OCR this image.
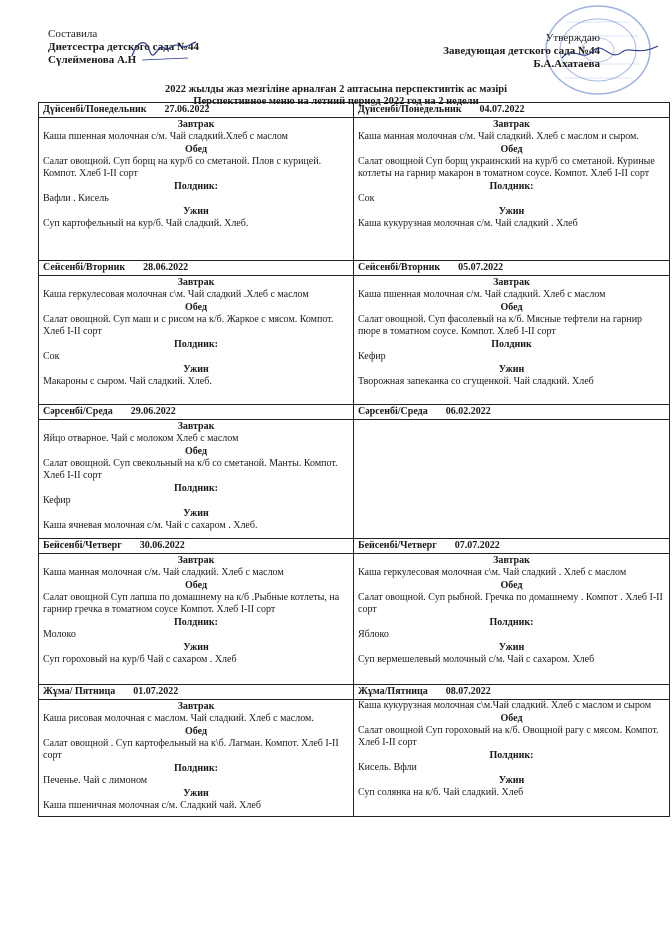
Составила
Диетсестра детского сада №44
Сүлейменова А.Н
Утверждаю
Заведующая детского сада №44
Б.А.Ахатаева
2022 жылды жаз мезгіліне арналған 2 аптасына перспективтік ас мәзірі
Перспективное меню на летний период 2022 год на 2 недели
Дүйсенбі/Понедельник 27.06.2022
Завтрак
Каша пшенная молочная с/м. Чай сладкий.Хлеб с маслом
Обед
Салат овощной. Суп борщ на кур/б со сметаной. Плов с курицей. Компот. Хлеб I-II сорт
Полдник:
Вафли . Кисель
Ужин
Суп картофельный на кур/б. Чай сладкий. Хлеб.
Дүйсенбі/Понедельник 04.07.2022
Завтрак
Каша манная молочная с/м. Чай сладкий. Хлеб с маслом и сыром.
Обед
Салат овощной Суп борщ украинский на кур/б со сметаной. Куриные котлеты на гарнир макарон в томатном соусе. Компот. Хлеб I-II сорт
Полдник:
Сок
Ужин
Каша кукурузная молочная с/м. Чай сладкий . Хлеб
Сейсенбі/Вторник 28.06.2022
Завтрак
Каша геркулесовая молочная с\м. Чай сладкий .Хлеб с маслом
Обед
Салат овощной. Суп маш и с рисом на к/б. Жаркое с мясом. Компот. Хлеб I-II сорт
Полдник:
Сок
Ужин
Макароны с сыром. Чай сладкий. Хлеб.
Сейсенбі/Вторник 05.07.2022
Завтрак
Каша пшенная молочная с/м. Чай сладкий. Хлеб с маслом
Обед
Салат овощной. Суп фасолевый на к/б. Мясные тефтели на гарнир пюре в томатном соусе. Компот. Хлеб I-II сорт
Полдник
Кефир
Ужин
Творожная запеканка со сгущенкой. Чай сладкий. Хлеб
Сәрсенбі/Среда 29.06.2022
Завтрак
Яйцо отварное. Чай с молоком Хлеб с маслом
Обед
Салат овощной. Суп свекольный на к/б со сметаной. Манты. Компот. Хлеб I-II сорт
Полдник:
Кефир
Ужин
Каша ячневая молочная с/м. Чай с сахаром . Хлеб.
Сәрсенбі/Среда 06.02.2022
Бейсенбі/Четверг 30.06.2022
Завтрак
Каша манная молочная с/м. Чай сладкий. Хлеб с маслом
Обед
Салат овощной Суп лапша по домашнему на к/б .Рыбные котлеты, на гарнир гречка в томатном соусе Компот. Хлеб I-II сорт
Полдник:
Молоко
Ужин
Суп гороховый на кур/б Чай с сахаром . Хлеб
Бейсенбі/Четверг 07.07.2022
Завтрак
Каша геркулесовая молочная с\м. Чай сладкий . Хлеб с маслом
Обед
Салат овощной. Суп рыбной. Гречка по домашнему . Компот . Хлеб I-II сорт
Полдник:
Яблоко
Ужин
Суп вермешелевый молочный с/м. Чай с сахаром. Хлеб
Жұма/ Пятница 01.07.2022
Завтрак
Каша рисовая молочная с маслом. Чай сладкий. Хлеб с маслом.
Обед
Салат овощной . Суп картофельный на к\б. Лагман. Компот. Хлеб I-II сорт
Полдник:
Печенье. Чай с лимоном
Ужин
Каша пшеничная молочная с/м. Сладкий чай. Хлеб
Жұма/Пятница 08.07.2022
Каша кукурузная молочная с\м.Чай сладкий. Хлеб с маслом и сыром
Обед
Салат овощной Суп гороховый на к/б. Овощной рагу с мясом. Компот. Хлеб I-II сорт
Полдник:
Кисель. Вфли
Ужин
Суп солянка на к/б. Чай сладкий. Хлеб
